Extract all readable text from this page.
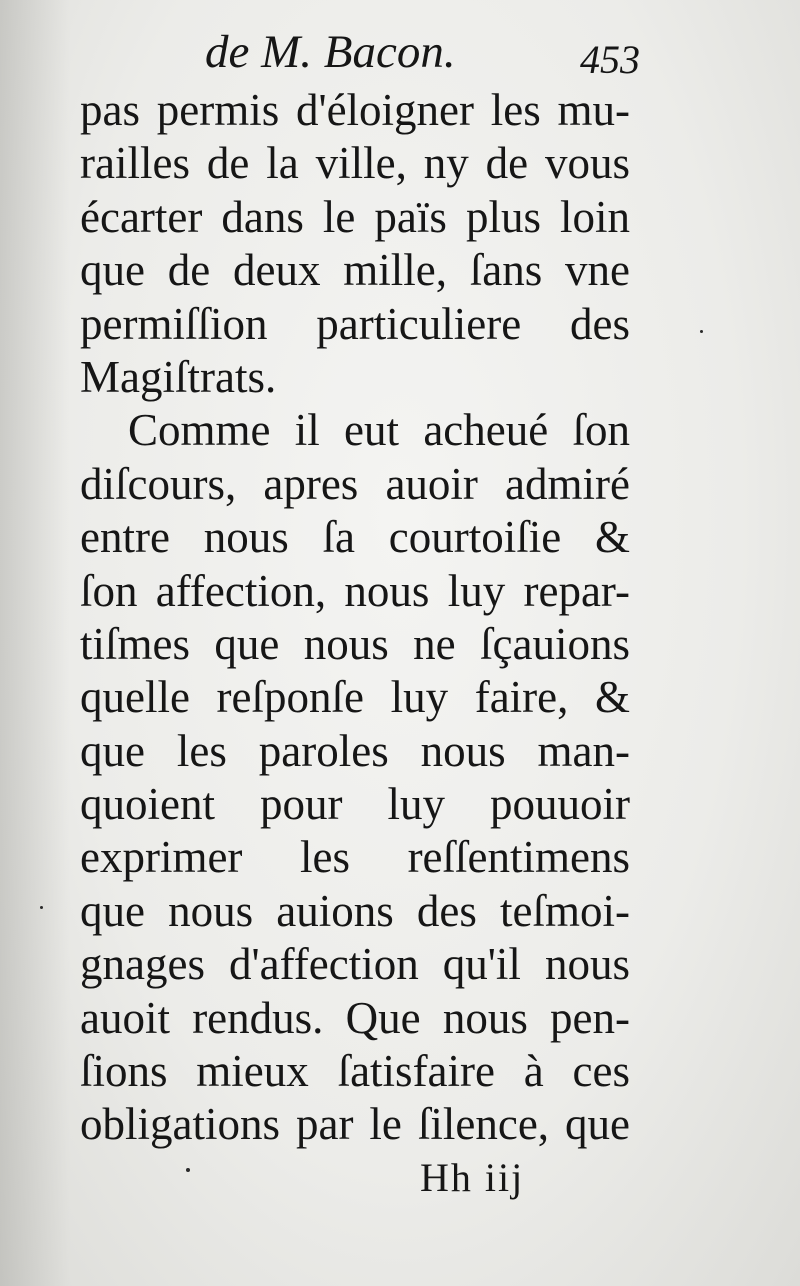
de M. Bacon.	453
pas permis d'éloigner les mu-
railles de la ville, ny de vous
écarter dans le païs plus loin
que de deux mille, ſans vne
permiſſion particuliere des
Magiſtrats.
Comme il eut acheué ſon
diſcours, apres auoir admiré
entre nous ſa courtoiſie &
ſon affection, nous luy repar-
tiſmes que nous ne ſçauions
quelle reſponſe luy faire, &
que les paroles nous man-
quoient pour luy pouuoir
exprimer les reſſentimens
que nous auions des teſmoi-
gnages d'affection qu'il nous
auoit rendus. Que nous pen-
ſions mieux ſatisfaire à ces
obligations par le ſilence, que
Hh iij
